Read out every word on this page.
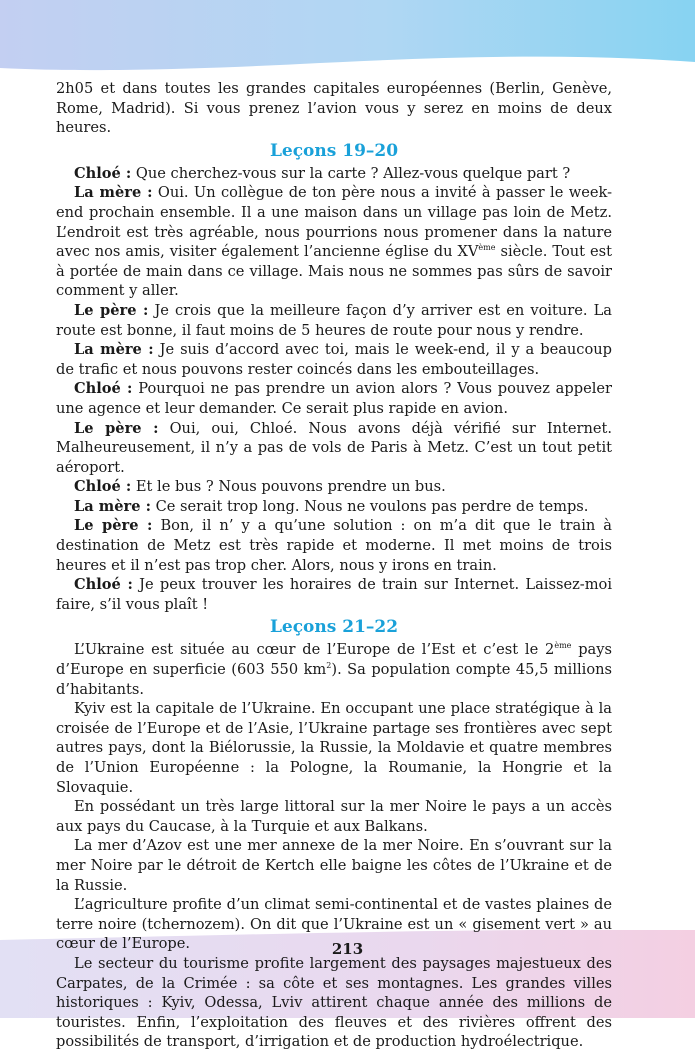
2h05 et dans toutes les grandes capitales européennes (Berlin, Genève, Rome, Madrid). Si vous prenez l’avion vous y serez en moins de deux heures.

Leçons 19–20

Chloé : Que cherchez-vous sur la carte ? Allez-vous quelque part ?

La mère : Oui. Un collègue de ton père nous a invité à passer le week-end prochain ensemble. Il a une maison dans un village pas loin de Metz. L’endroit est très agréable, nous pourrions nous promener dans la nature avec nos amis, visiter également l’ancienne église du XVème siècle. Tout est à portée de main dans ce village. Mais nous ne sommes pas sûrs de savoir comment y aller.

Le père : Je crois que la meilleure façon d’y arriver est en voiture. La route est bonne, il faut moins de 5 heures de route pour nous y rendre.

La mère : Je suis d’accord avec toi, mais le week-end, il y a beaucoup de trafic et nous pouvons rester coincés dans les embouteillages.

Chloé : Pourquoi ne pas prendre un avion alors ? Vous pouvez appeler une agence et leur demander. Ce serait plus rapide en avion.

Le père : Oui, oui, Chloé. Nous avons déjà vérifié sur Internet. Malheureusement, il n’y a pas de vols de Paris à Metz. C’est un tout petit aéroport.

Chloé : Et le bus ? Nous pouvons prendre un bus.

La mère : Ce serait trop long. Nous ne voulons pas perdre de temps.

Le père : Bon, il n’ y a qu’une solution : on m’a dit que le train à destination de Metz est très rapide et moderne. Il met moins de trois heures et il n’est pas trop cher. Alors, nous y irons en train.

Chloé : Je peux trouver les horaires de train sur Internet. Laissez-moi faire, s’il vous plaît !

Leçons 21–22

L’Ukraine est située au cœur de l’Europe de l’Est et c’est le 2ème pays d’Europe en superficie (603 550 $km^2$). Sa population compte 45,5 millions d’habitants.

Kyiv est la capitale de l’Ukraine. En occupant une place stratégique à la croisée de l’Europe et de l’Asie, l’Ukraine partage ses frontières avec sept autres pays, dont la Biélorussie, la Russie, la Moldavie et quatre membres de l’Union Européenne : la Pologne, la Roumanie, la Hongrie et la Slovaquie.

En possédant un très large littoral sur la mer Noire le pays a un accès aux pays du Caucase, à la Turquie et aux Balkans.

La mer d’Azov est une mer annexe de la mer Noire. En s’ouvrant sur la mer Noire par le détroit de Kertch elle baigne les côtes de l’Ukraine et de la Russie.

L’agriculture profite d’un climat semi-continental et de vastes plaines de terre noire (tchernozem). On dit que l’Ukraine est un « gisement vert » au cœur de l’Europe.

Le secteur du tourisme profite largement des paysages majestueux des Carpates, de la Crimée : sa côte et ses montagnes. Les grandes villes historiques : Kyiv, Odessa, Lviv attirent chaque année des millions de touristes. Enfin, l’exploitation des fleuves et des rivières offrent des possibilités de transport, d’irrigation et de production hydroélectrique.

213
